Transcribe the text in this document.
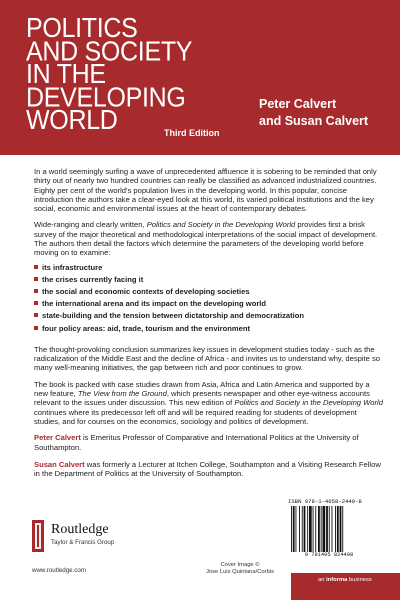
POLITICS
AND SOCIETY
IN THE
DEVELOPING
WORLD
Peter Calvert
and Susan Calvert
Third Edition

In a world seemingly surfing a wave of unprecedented affluence it is sobering to be reminded that only thirty out of nearly two hundred countries can really be classified as advanced industrialized countries. Eighty per cent of the world's population lives in the developing world. In this popular, concise introduction the authors take a clear-eyed look at this world, its varied political institutions and the key social, economic and environmental issues at the heart of contemporary debates.

Wide-ranging and clearly written, Politics and Society in the Developing World provides first a brisk survey of the major theoretical and methodological interpretations of the social impact of development. The authors then detail the factors which determine the parameters of the developing world before moving on to examine:

its infrastructure
the crises currently facing it
the social and economic contexts of developing societies
the international arena and its impact on the developing world
state-building and the tension between dictatorship and democratization
four policy areas: aid, trade, tourism and the environment

The thought-provoking conclusion summarizes key issues in development studies today - such as the radicalization of the Middle East and the decline of Africa - and invites us to understand why, despite so many well-meaning initiatives, the gap between rich and poor continues to grow.

The book is packed with case studies drawn from Asia, Africa and Latin America and supported by a new feature, The View from the Ground, which presents newspaper and other eye-witness accounts relevant to the issues under discussion. This new edition of Politics and Society in the Developing World continues where its predecessor left off and will be required reading for students of development studies, and for courses on the economics, sociology and politics of development.

Peter Calvert is Emeritus Professor of Comparative and International Politics at the University of Southampton.
Susan Calvert was formerly a Lecturer at Itchen College, Southampton and a Visiting Research Fellow in the Department of Politics at the University of Southampton.
ISBN 978-1-4058-2440-8
9 781405 824408
Routledge
Taylor & Francis Group
www.routledge.com
Cover Image ©
Jose Luis Quintana/Corbis
an informa business
